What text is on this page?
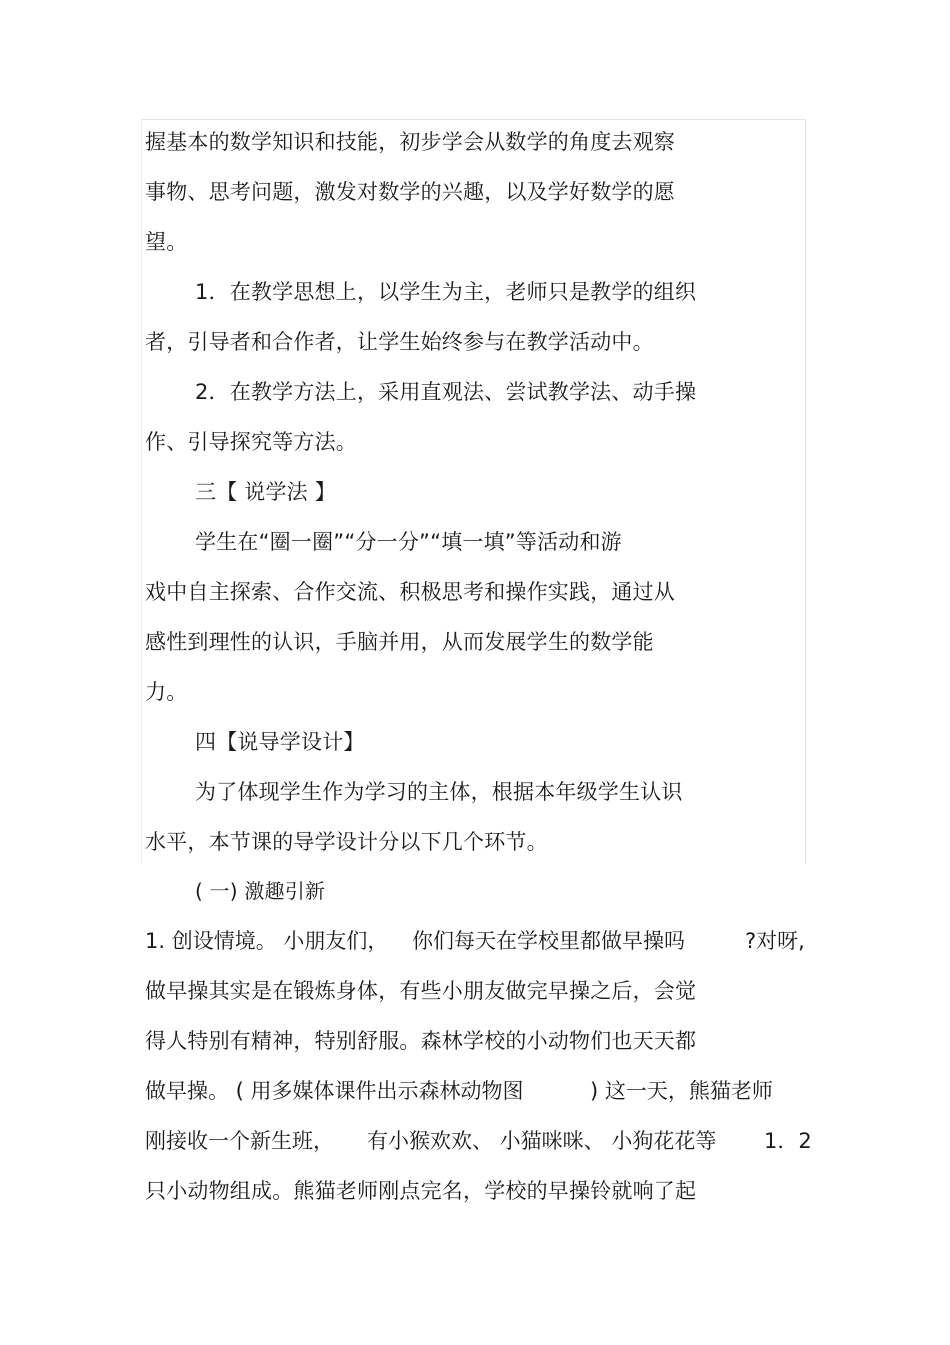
握基本的数学知识和技能，初步学会从数学的角度去观察
事物、思考问题，激发对数学的兴趣，以及学好数学的愿
望。
1．在教学思想上，以学生为主，老师只是教学的组织
者，引导者和合作者，让学生始终参与在教学活动中。
2．在教学方法上，采用直观法、尝试教学法、动手操
作、引导探究等方法。
三【 说学法 】
学生在“圈一圈”“分一分”“填一填”等活动和游
戏中自主探索、合作交流、积极思考和操作实践，通过从
感性到理性的认识，手脑并用，从而发展学生的数学能
力。
四【说导学设计】
为了体现学生作为学习的主体，根据本年级学生认识
水平，本节课的导学设计分以下几个环节。
( 一) 激趣引新
1. 创设情境。 小朋友们， 你们每天在学校里都做早操吗	?对呀,
做早操其实是在锻炼身体，有些小朋友做完早操之后，会觉
得人特别有精神，特别舒服。森林学校的小动物们也天天都
做早操。 ( 用多媒体课件出示森林动物图	) 这一天，熊猫老师
刚接收一个新生班， 有小猴欢欢、 小猫咪咪、 小狗花花等 1．2
只小动物组成。熊猫老师刚点完名，学校的早操铃就响了起
